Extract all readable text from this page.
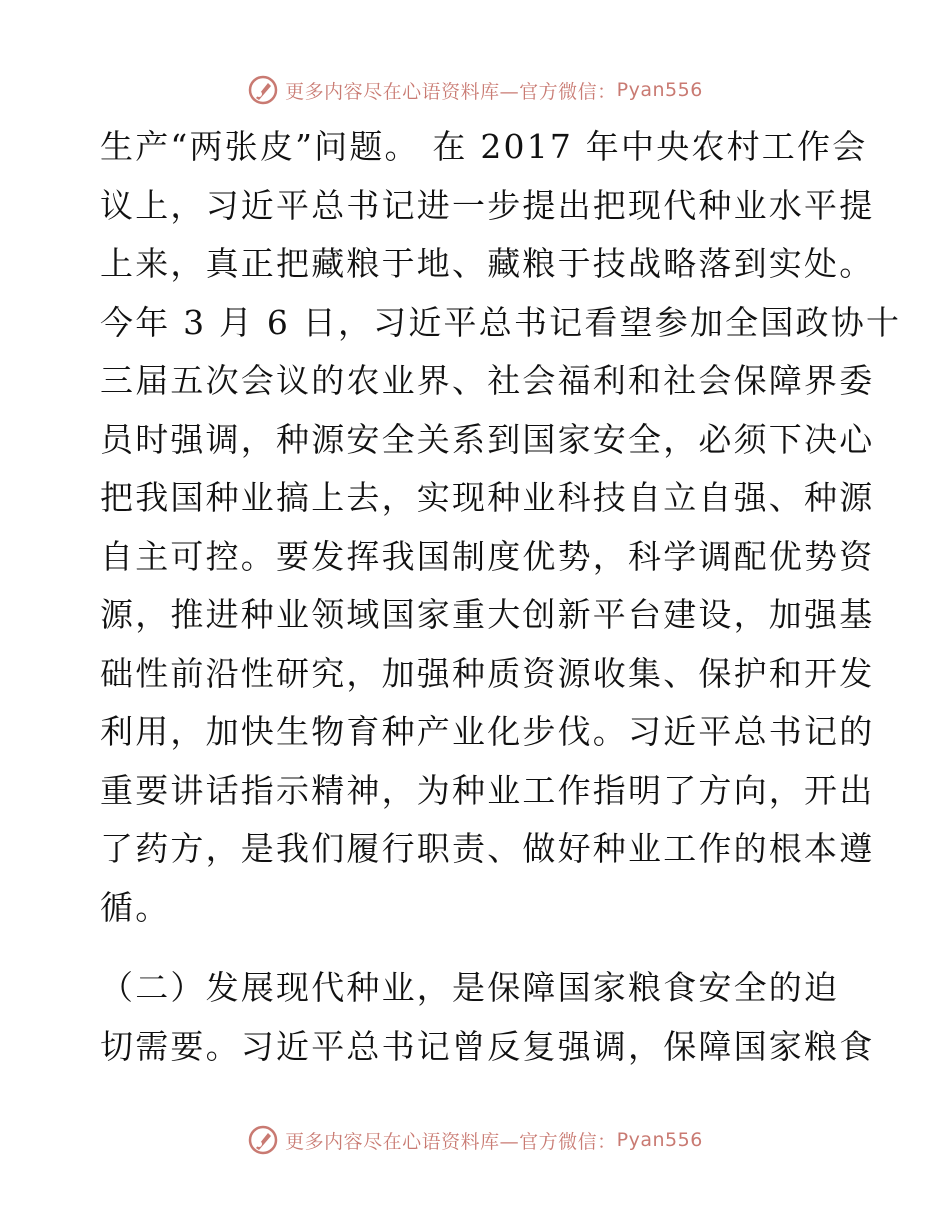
更多内容尽在心语资料库—官方微信： Pyan556
生产“两张皮”问题。 在 2017 年中央农村工作会
议上，习近平总书记进一步提出把现代种业水平提
上来，真正把藏粮于地、藏粮于技战略落到实处。
今年 3 月 6 日，习近平总书记看望参加全国政协十
三届五次会议的农业界、社会福利和社会保障界委
员时强调，种源安全关系到国家安全，必须下决心
把我国种业搞上去，实现种业科技自立自强、种源
自主可控。要发挥我国制度优势，科学调配优势资
源，推进种业领域国家重大创新平台建设，加强基
础性前沿性研究，加强种质资源收集、保护和开发
利用，加快生物育种产业化步伐。习近平总书记的
重要讲话指示精神，为种业工作指明了方向，开出
了药方，是我们履行职责、做好种业工作的根本遵
循。
（二）发展现代种业，是保障国家粮食安全的迫
切需要。习近平总书记曾反复强调，保障国家粮食
更多内容尽在心语资料库—官方微信： Pyan556
